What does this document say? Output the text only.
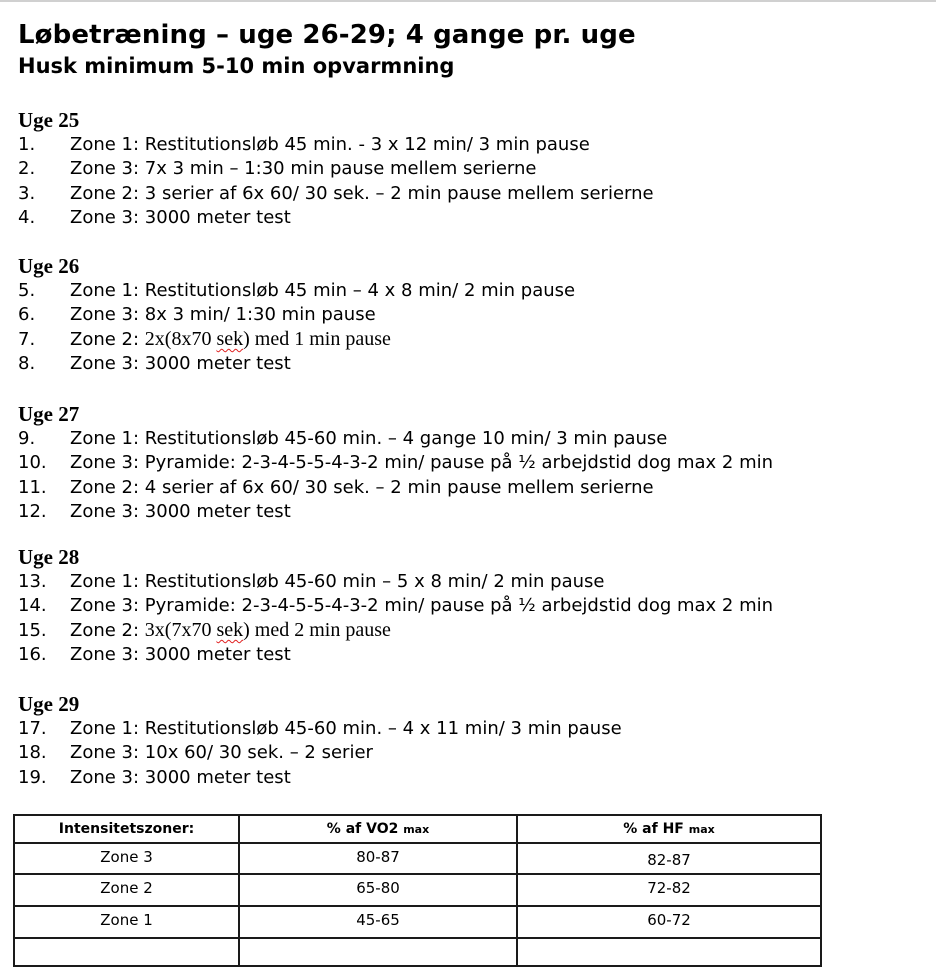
Løbetræning – uge 26-29; 4 gange pr. uge
Husk minimum 5-10 min opvarmning
Uge 25
1.	Zone 1: Restitutionsløb 45 min. - 3 x 12 min/ 3 min pause
2.	Zone 3: 7x 3 min – 1:30 min pause mellem serierne
3.	Zone 2: 3 serier af 6x 60/ 30 sek. – 2 min pause mellem serierne
4.	Zone 3: 3000 meter test
Uge 26
5.	Zone 1: Restitutionsløb 45 min – 4 x 8 min/ 2 min pause
6.	Zone 3: 8x 3 min/ 1:30 min pause
7.	Zone 2: 2x(8x70 sek) med 1 min pause
8.	Zone 3: 3000 meter test
Uge 27
9.	Zone 1: Restitutionsløb 45-60 min. – 4 gange 10 min/ 3 min pause
10.	Zone 3: Pyramide: 2-3-4-5-5-4-3-2 min/ pause på ½ arbejdstid dog max 2 min
11.	Zone 2: 4 serier af 6x 60/ 30 sek. – 2 min pause mellem serierne
12.	Zone 3: 3000 meter test
Uge 28
13.	Zone 1: Restitutionsløb 45-60 min – 5 x 8 min/ 2 min pause
14.	Zone 3: Pyramide: 2-3-4-5-5-4-3-2 min/ pause på ½ arbejdstid dog max 2 min
15.	Zone 2: 3x(7x70 sek) med 2 min pause
16.	Zone 3: 3000 meter test
Uge 29
17.	Zone 1: Restitutionsløb 45-60 min. – 4 x 11 min/ 3 min pause
18.	Zone 3: 10x 60/ 30 sek. – 2 serier
19.	Zone 3: 3000 meter test
Intensitetszoner:	% af VO2 max	% af HF max
Zone 3	80-87	82-87
Zone 2	65-80	72-82
Zone 1	45-65	60-72
